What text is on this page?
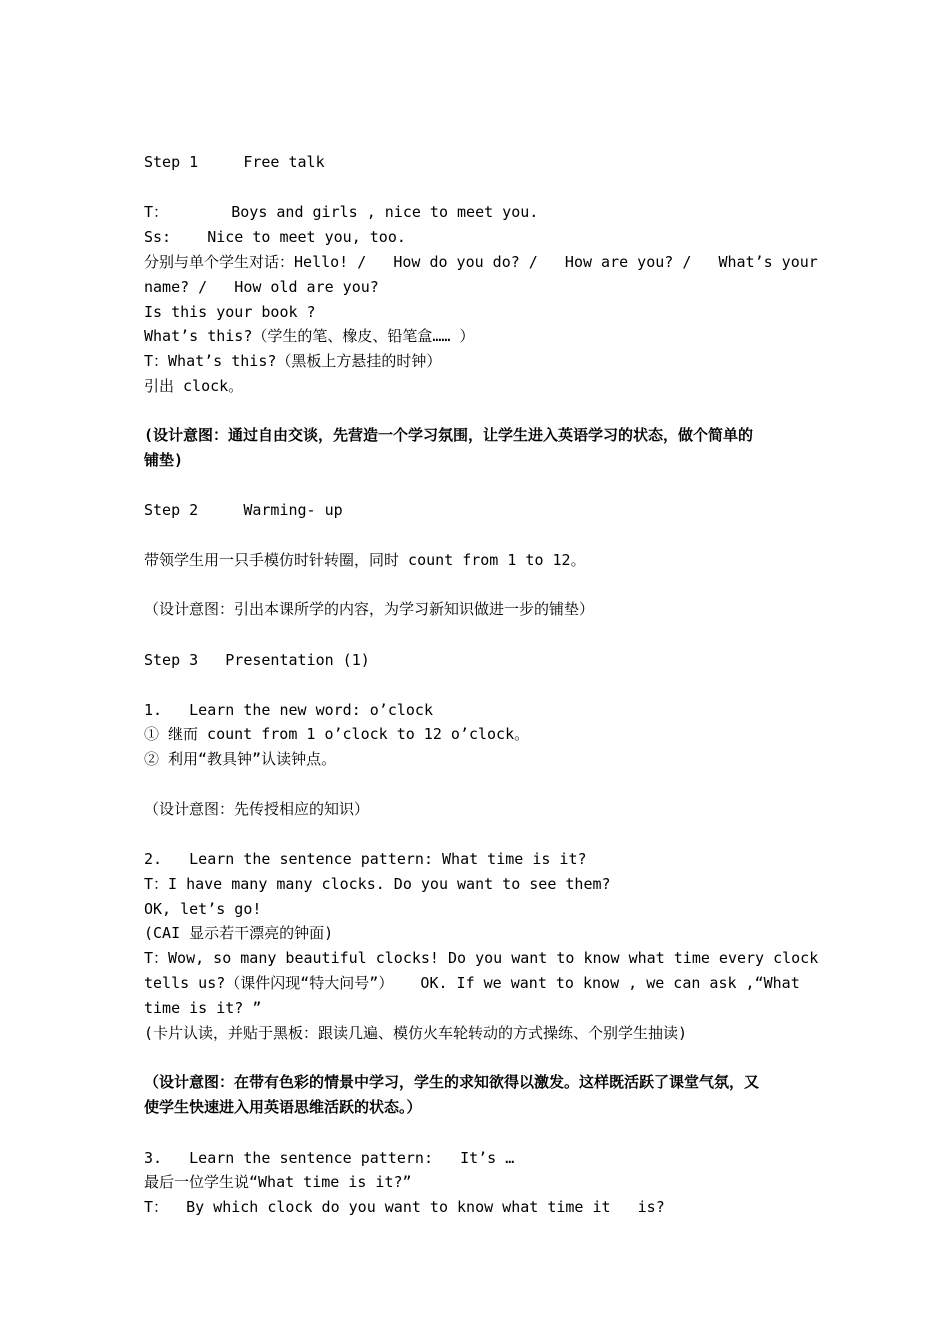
Step 1     Free talk
T：       Boys and girls , nice to meet you.
Ss:    Nice to meet you, too.
分别与单个学生对话：Hello! /   How do you do? /   How are you? /   What’s your
name? /   How old are you?
Is this your book ?
What’s this?（学生的笔、橡皮、铅笔盒…… ）
T：What’s this?（黑板上方悬挂的时钟）
引出 clock。
(设计意图：通过自由交谈，先营造一个学习氛围，让学生进入英语学习的状态，做个简单的
铺垫)
Step 2     Warming- up
带领学生用一只手模仿时针转圈，同时 count from 1 to 12。
（设计意图：引出本课所学的内容，为学习新知识做进一步的铺垫）
Step 3   Presentation (1)
1.   Learn the new word: o’clock
① 继而 count from 1 o’clock to 12 o’clock。
② 利用“教具钟”认读钟点。
（设计意图：先传授相应的知识）
2.   Learn the sentence pattern: What time is it?
T：I have many many clocks. Do you want to see them?
OK, let’s go!
(CAI 显示若干漂亮的钟面)
T：Wow, so many beautiful clocks! Do you want to know what time every clock
tells us?（课件闪现“特大问号”）   OK. If we want to know , we can ask ,“What
time is it? ”
(卡片认读，并贴于黑板：跟读几遍、模仿火车轮转动的方式操练、个别学生抽读)
（设计意图：在带有色彩的情景中学习，学生的求知欲得以激发。这样既活跃了课堂气氛，又
使学生快速进入用英语思维活跃的状态。）
3.   Learn the sentence pattern:   It’s …
最后一位学生说“What time is it?”
T：  By which clock do you want to know what time it   is?
